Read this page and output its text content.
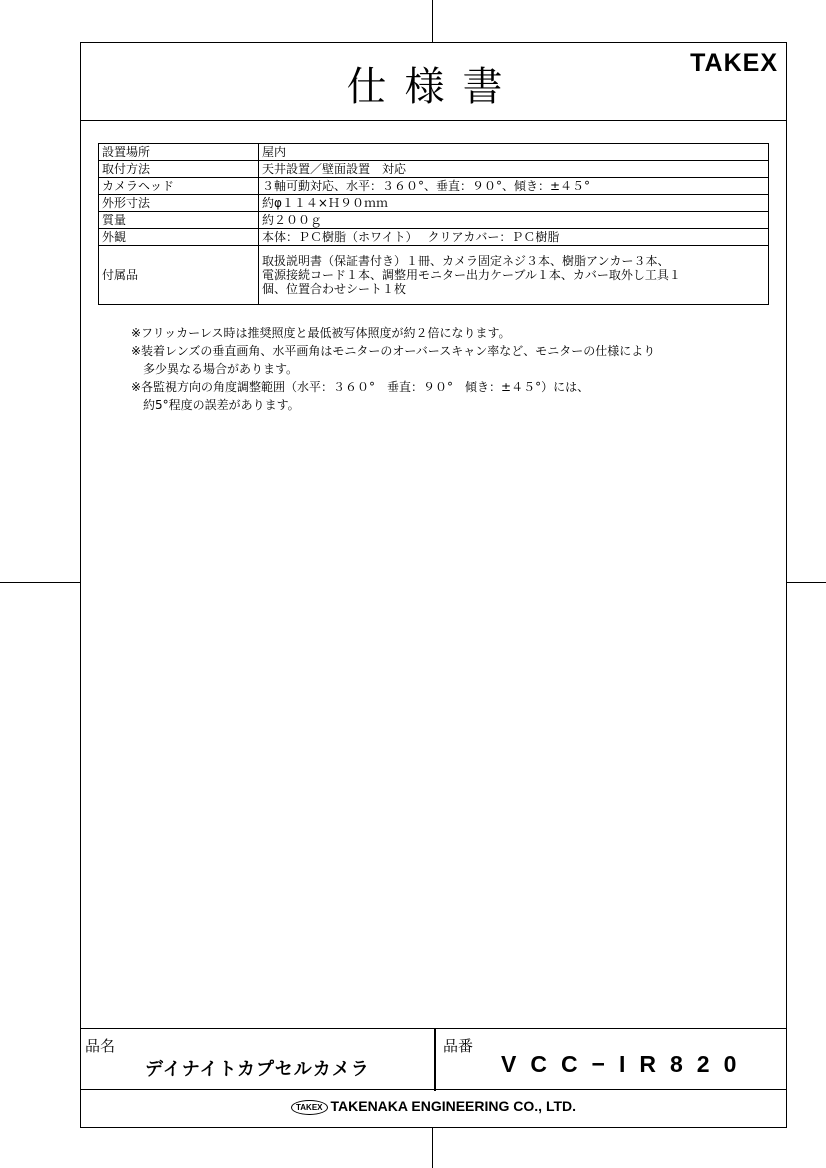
仕様書
TAKEX
設置場所	屋内
取付方法	天井設置／壁面設置　対応
カメラヘッド	３軸可動対応、水平：３６０°、垂直：９０°、傾き：±４５°
外形寸法	約φ１１４×Ｈ９０ｍｍ
質量	約２００ｇ
外観	本体：ＰＣ樹脂（ホワイト）　 クリアカバー：ＰＣ樹脂
付属品	取扱説明書（保証書付き）１冊、カメラ固定ネジ３本、樹脂アンカー３本、
電源接続コード１本、調整用モニター出力ケーブル１本、カバー取外し工具１
個、位置合わせシート１枚
※フリッカーレス時は推奨照度と最低被写体照度が約２倍になります。
※装着レンズの垂直画角、水平画角はモニターのオーバースキャン率など、モニターの仕様により
多少異なる場合があります。
※各監視方向の角度調整範囲（水平：３６０°　垂直：９０°　傾き：±４５°）には、
約5°程度の誤差があります。
品名
デイナイトカプセルカメラ
品番
VCC−IR820
TAKEX TAKENAKA ENGINEERING CO., LTD.
